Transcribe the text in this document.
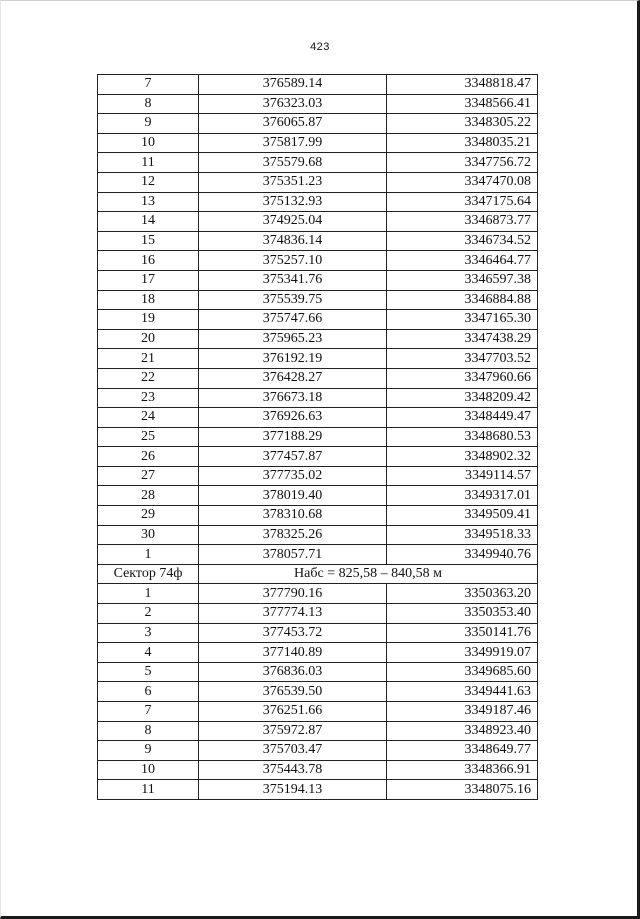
423
7	376589.14	3348818.47
8	376323.03	3348566.41
9	376065.87	3348305.22
10	375817.99	3348035.21
11	375579.68	3347756.72
12	375351.23	3347470.08
13	375132.93	3347175.64
14	374925.04	3346873.77
15	374836.14	3346734.52
16	375257.10	3346464.77
17	375341.76	3346597.38
18	375539.75	3346884.88
19	375747.66	3347165.30
20	375965.23	3347438.29
21	376192.19	3347703.52
22	376428.27	3347960.66
23	376673.18	3348209.42
24	376926.63	3348449.47
25	377188.29	3348680.53
26	377457.87	3348902.32
27	377735.02	3349114.57
28	378019.40	3349317.01
29	378310.68	3349509.41
30	378325.26	3349518.33
1	378057.71	3349940.76
Сектор 74ф	Набс = 825,58 – 840,58 м	
1	377790.16	3350363.20
2	377774.13	3350353.40
3	377453.72	3350141.76
4	377140.89	3349919.07
5	376836.03	3349685.60
6	376539.50	3349441.63
7	376251.66	3349187.46
8	375972.87	3348923.40
9	375703.47	3348649.77
10	375443.78	3348366.91
11	375194.13	3348075.16
